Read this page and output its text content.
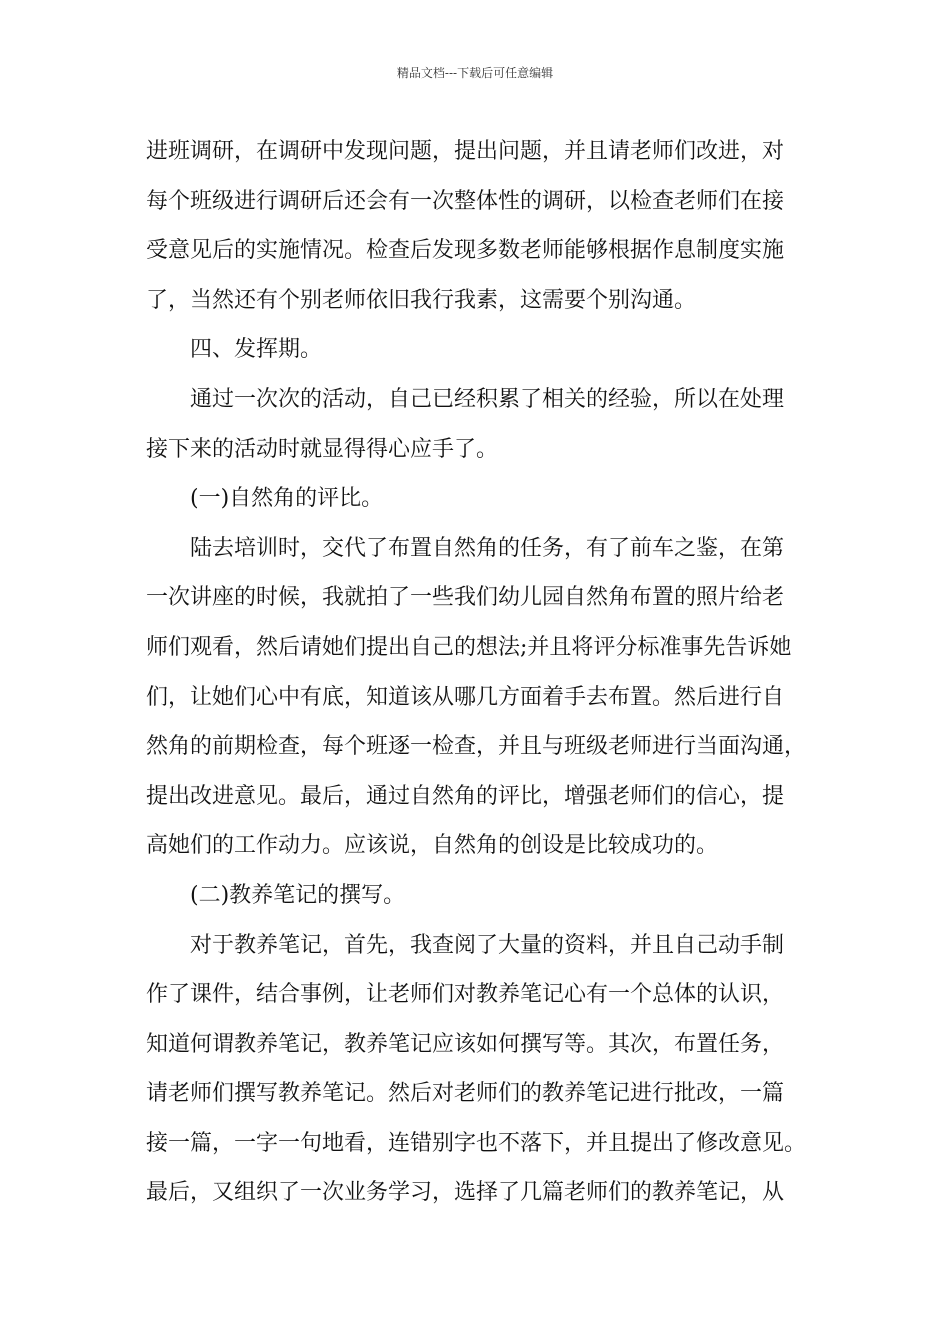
精品文档---下载后可任意编辑
进班调研，在调研中发现问题，提出问题，并且请老师们改进，对
每个班级进行调研后还会有一次整体性的调研，以检查老师们在接
受意见后的实施情况。检查后发现多数老师能够根据作息制度实施
了，当然还有个别老师依旧我行我素，这需要个别沟通。
四、发挥期。
通过一次次的活动，自己已经积累了相关的经验，所以在处理
接下来的活动时就显得得心应手了。
(一)自然角的评比。
陆去培训时，交代了布置自然角的任务，有了前车之鉴，在第
一次讲座的时候，我就拍了一些我们幼儿园自然角布置的照片给老
师们观看，然后请她们提出自己的想法;并且将评分标准事先告诉她
们，让她们心中有底，知道该从哪几方面着手去布置。然后进行自
然角的前期检查，每个班逐一检查，并且与班级老师进行当面沟通，
提出改进意见。最后，通过自然角的评比，增强老师们的信心，提
高她们的工作动力。应该说，自然角的创设是比较成功的。
(二)教养笔记的撰写。
对于教养笔记，首先，我查阅了大量的资料，并且自己动手制
作了课件，结合事例，让老师们对教养笔记心有一个总体的认识，
知道何谓教养笔记，教养笔记应该如何撰写等。其次，布置任务，
请老师们撰写教养笔记。然后对老师们的教养笔记进行批改，一篇
接一篇，一字一句地看，连错别字也不落下，并且提出了修改意见。
最后，又组织了一次业务学习，选择了几篇老师们的教养笔记，从
